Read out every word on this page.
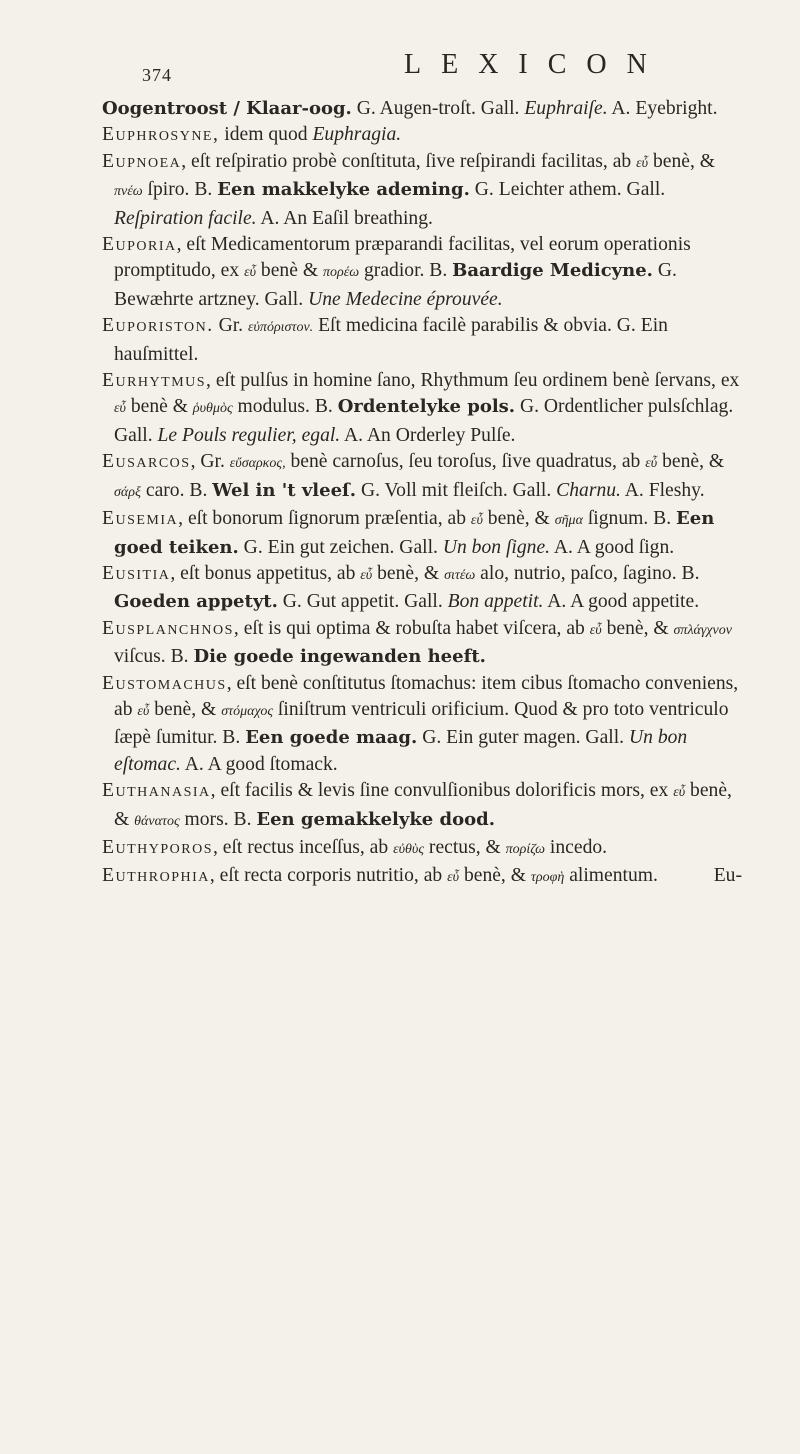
374	LEXICON

Oogentroost / Klaar-oog. G. Augen-troſt. Gall. Euphraiſe. A. Eyebright.

Euphrosyne, idem quod Euphragia.

Eupnoea, eſt reſpiratio probè conſtituta, ſive reſpirandi facilitas, ab εὖ benè, & πνέω ſpiro. B. Een makkelyke ademing. G. Leichter athem. Gall. Reſpiration facile. A. An Eaſil breathing.

Euporia, eſt Medicamentorum præparandi facilitas, vel eorum operationis promptitudo, ex εὖ benè & πορέω gradior. B. Baardige Medicyne. G. Bewæhrte artzney. Gall. Une Medecine éprouvée.

Euporiston. Gr. εὐπόριστον. Eſt medicina facilè parabilis & obvia. G. Ein hauſmittel.

Eurhytmus, eſt pulſus in homine ſano, Rhythmum ſeu ordinem benè ſervans, ex εὖ benè & ῥυθμὸς modulus. B. Ordentelyke pols. G. Ordentlicher pulsſchlag. Gall. Le Pouls regulier, egal. A. An Orderley Pulſe.

Eusarcos, Gr. εὔσαρκος, benè carnoſus, ſeu toroſus, ſive quadratus, ab εὖ benè, & σάρξ caro. B. Wel in 't vleeſ. G. Voll mit fleiſch. Gall. Charnu. A. Fleshy.

Eusemia, eſt bonorum ſignorum præſentia, ab εὖ benè, & σῆμα ſignum. B. Een goed teiken. G. Ein gut zeichen. Gall. Un bon ſigne. A. A good ſign.

Eusitia, eſt bonus appetitus, ab εὖ benè, & σιτέω alo, nutrio, paſco, ſagino. B. Goeden appetyt. G. Gut appetit. Gall. Bon appetit. A. A good appetite.

Eusplanchnos, eſt is qui optima & robuſta habet viſcera, ab εὖ benè, & σπλάγχνον viſcus. B. Die goede ingewanden heeft.

Eustomachus, eſt benè conſtitutus ſtomachus: item cibus ſtomacho conveniens, ab εὖ benè, & στόμαχος ſiniſtrum ventriculi orificium. Quod & pro toto ventriculo ſæpè ſumitur. B. Een goede maag. G. Ein guter magen. Gall. Un bon eſtomac. A. A good ſtomack.

Euthanasia, eſt facilis & levis ſine convulſionibus dolorificis mors, ex εὖ benè, & θάνατος mors. B. Een gemakkelyke dood.

Euthyporos, eſt rectus inceſſus, ab εὐθὺς rectus, & πορίζω incedo.

Euthrophia, eſt recta corporis nutritio, ab εὖ benè, & τροφὴ alimentum.	Eu-
